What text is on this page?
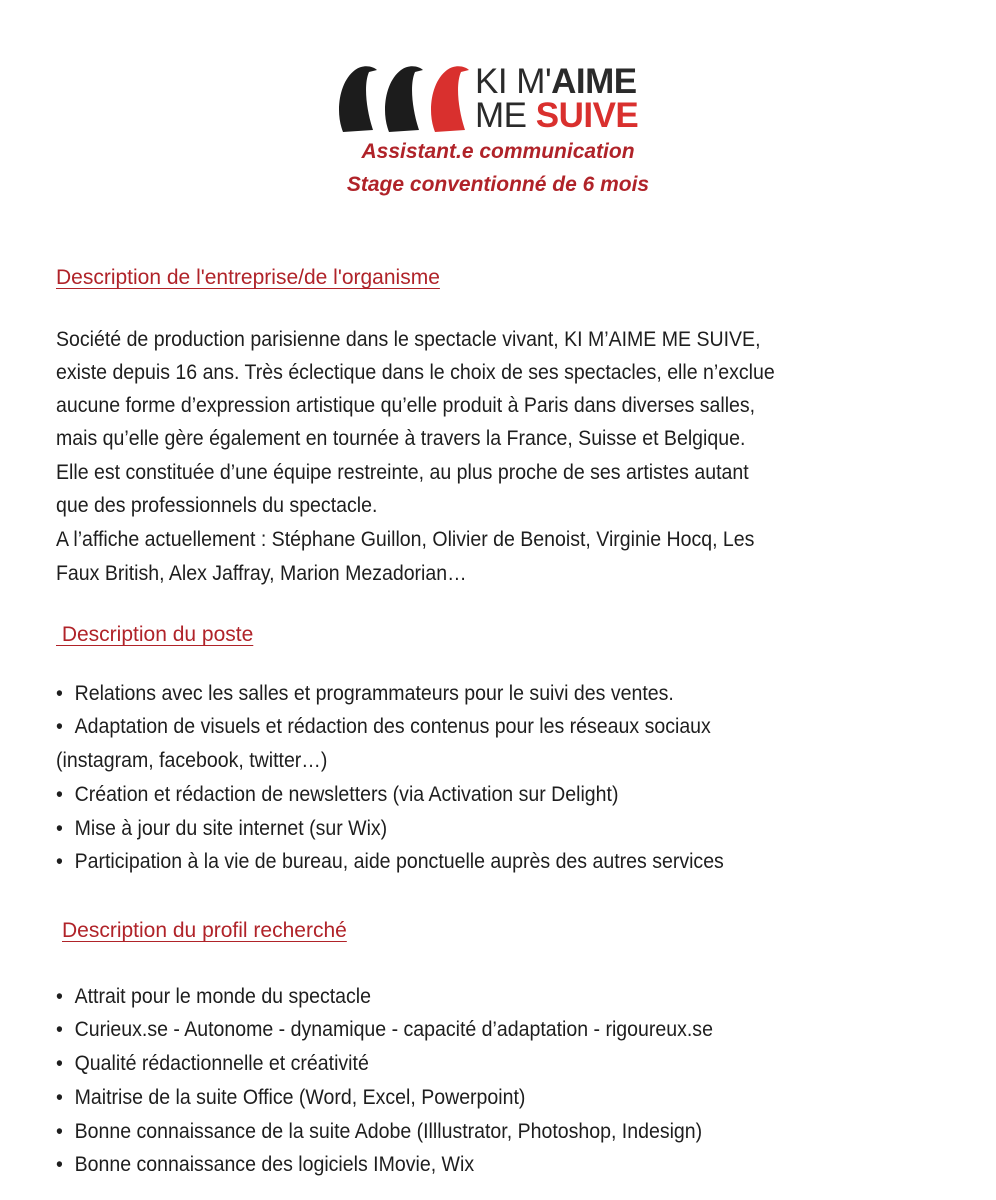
KI M'AIME
ME SUIVE
Assistant.e communication
Stage conventionné de 6 mois
Description de l'entreprise/de l'organisme
Société de production parisienne dans le spectacle vivant, KI M’AIME ME SUIVE,
existe depuis 16 ans. Très éclectique dans le choix de ses spectacles, elle n’exclue
aucune forme d’expression artistique qu’elle produit à Paris dans diverses salles,
mais qu’elle gère également en tournée à travers la France, Suisse et Belgique.
Elle est constituée d’une équipe restreinte, au plus proche de ses artistes autant
que des professionnels du spectacle.
A l’affiche actuellement : Stéphane Guillon, Olivier de Benoist, Virginie Hocq, Les
Faux British, Alex Jaffray, Marion Mezadorian…
Description du poste
• Relations avec les salles et programmateurs pour le suivi des ventes.
• Adaptation de visuels et rédaction des contenus pour les réseaux sociaux
(instagram, facebook, twitter…)
• Création et rédaction de newsletters (via Activation sur Delight)
• Mise à jour du site internet (sur Wix)
• Participation à la vie de bureau, aide ponctuelle auprès des autres services
Description du profil recherché
• Attrait pour le monde du spectacle
• Curieux.se - Autonome - dynamique - capacité d’adaptation - rigoureux.se
• Qualité rédactionnelle et créativité
• Maitrise de la suite Office (Word, Excel, Powerpoint)
• Bonne connaissance de la suite Adobe (Illlustrator, Photoshop, Indesign)
• Bonne connaissance des logiciels IMovie, Wix
